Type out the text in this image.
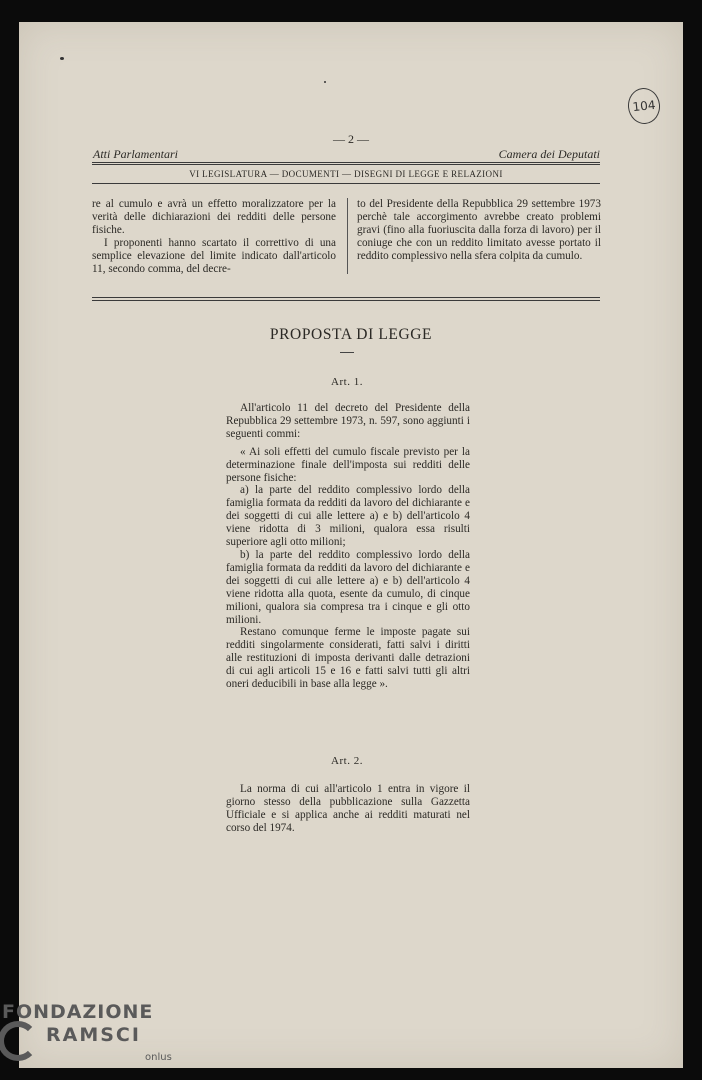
104
— 2 —
Atti Parlamentari	Camera dei Deputati
VI LEGISLATURA — DOCUMENTI — DISEGNI DI LEGGE E RELAZIONI

re al cumulo e avrà un effetto moralizzatore per la verità delle dichiarazioni dei redditi delle persone fisiche.

I proponenti hanno scartato il correttivo di una semplice elevazione del limite indicato dall'articolo 11, secondo comma, del decre-

to del Presidente della Repubblica 29 settembre 1973 perchè tale accorgimento avrebbe creato problemi gravi (fino alla fuoriuscita dalla forza di lavoro) per il coniuge che con un reddito limitato avesse portato il reddito complessivo nella sfera colpita da cumulo.

PROPOSTA DI LEGGE
Art. 1.

All'articolo 11 del decreto del Presidente della Repubblica 29 settembre 1973, n. 597, sono aggiunti i seguenti commi:

« Ai soli effetti del cumulo fiscale previsto per la determinazione finale dell'imposta sui redditi delle persone fisiche:

a) la parte del reddito complessivo lordo della famiglia formata da redditi da lavoro del dichiarante e dei soggetti di cui alle lettere a) e b) dell'articolo 4 viene ridotta di 3 milioni, qualora essa risulti superiore agli otto milioni;

b) la parte del reddito complessivo lordo della famiglia formata da redditi da lavoro del dichiarante e dei soggetti di cui alle lettere a) e b) dell'articolo 4 viene ridotta alla quota, esente da cumulo, di cinque milioni, qualora sia compresa tra i cinque e gli otto milioni.

Restano comunque ferme le imposte pagate sui redditi singolarmente considerati, fatti salvi i diritti alle restituzioni di imposta derivanti dalle detrazioni di cui agli articoli 15 e 16 e fatti salvi tutti gli altri oneri deducibili in base alla legge ».

Art. 2.

La norma di cui all'articolo 1 entra in vigore il giorno stesso della pubblicazione sulla Gazzetta Ufficiale e si applica anche ai redditi maturati nel corso del 1974.

FONDAZIONE
RAMSCI
onlus
